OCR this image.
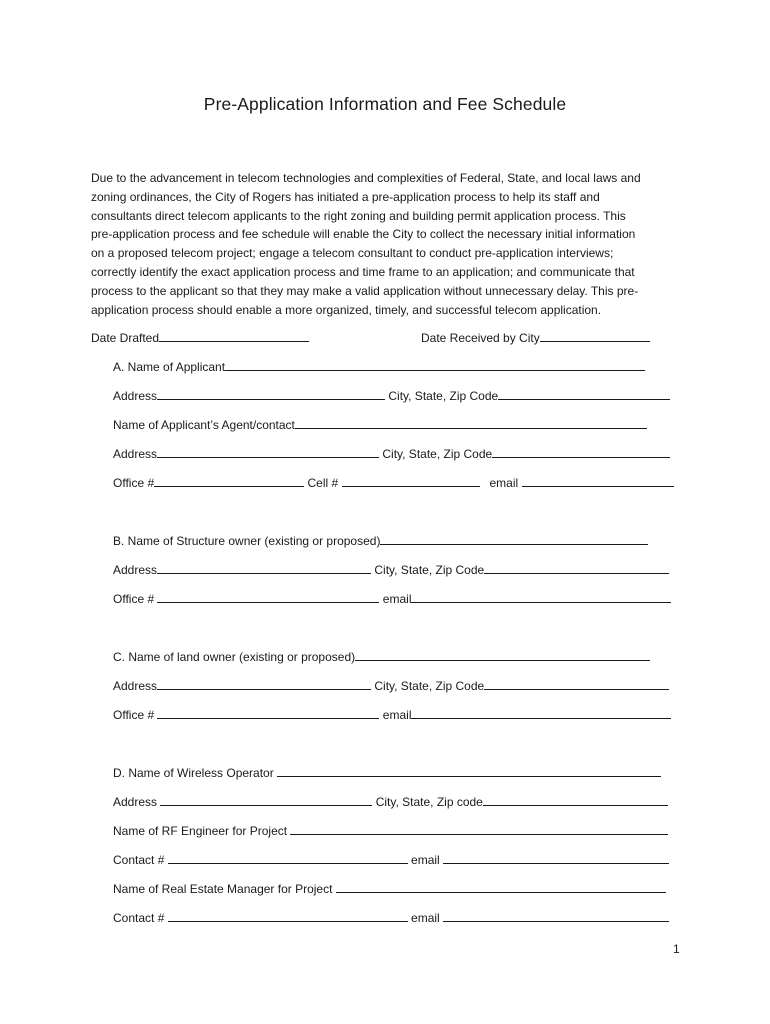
Pre-Application Information and Fee Schedule
Due to the advancement in telecom technologies and complexities of Federal, State, and local laws and
zoning ordinances, the City of Rogers has initiated a pre-application process to help its staff and
consultants direct telecom applicants to the right zoning and building permit application process. This
pre-application process and fee schedule will enable the City to collect the necessary initial information
on a proposed telecom project; engage a telecom consultant to conduct pre-application interviews;
correctly identify the exact application process and time frame to an application; and communicate that
process to the applicant so that they may make a valid application without unnecessary delay. This pre-
application process should enable a more organized, timely, and successful telecom application.
Date Drafted	Date Received by City
A. Name of Applicant
Address	City, State, Zip Code
Name of Applicant’s Agent/contact
Address	City, State, Zip Code
Office #	Cell #	email
B. Name of Structure owner (existing or proposed)
Address	City, State, Zip Code
Office #	email
C. Name of land owner (existing or proposed)
Address	City, State, Zip Code
Office #	email
D. Name of Wireless Operator
Address	City, State, Zip code
Name of RF Engineer for Project
Contact #	email
Name of Real Estate Manager for Project
Contact #	email
1
